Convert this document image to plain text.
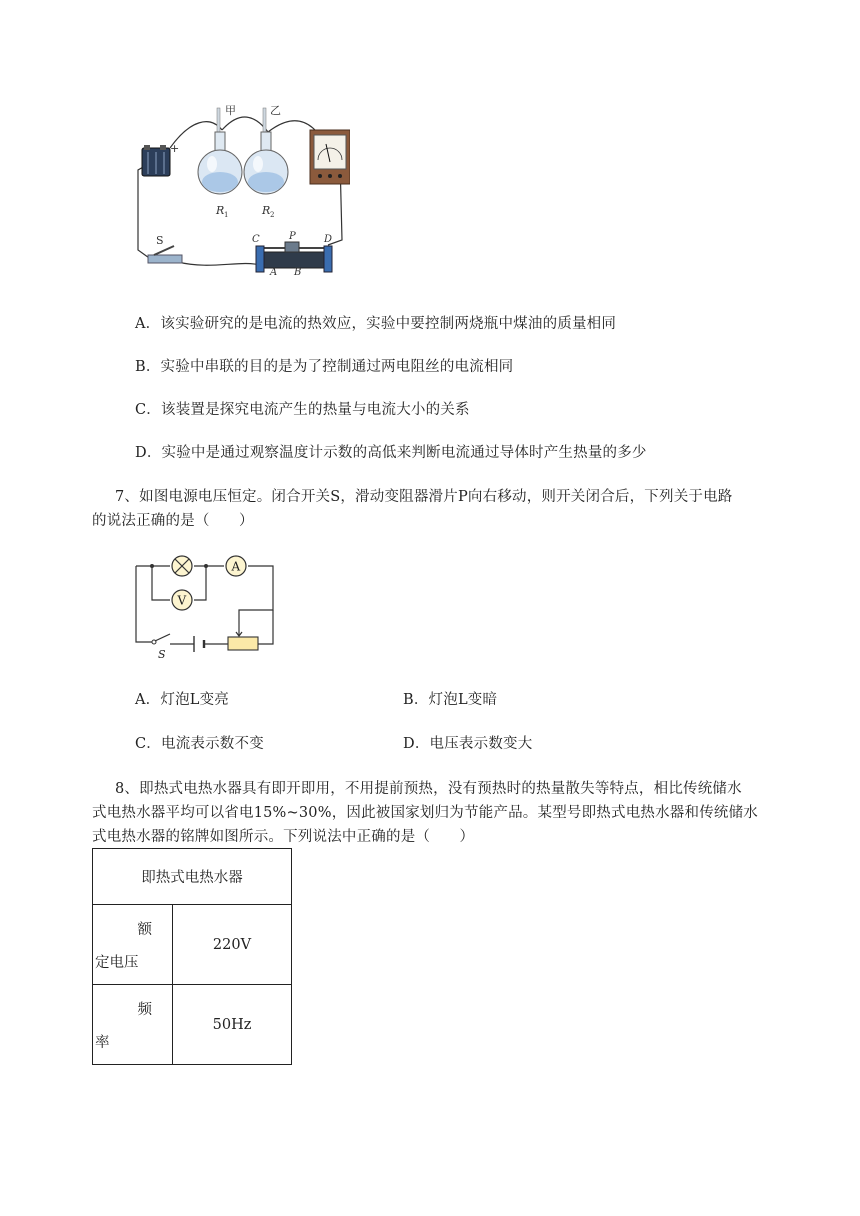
+
甲	乙
R 1	R 2
S	C	P	D
A B
A．该实验研究的是电流的热效应，实验中要控制两烧瓶中煤油的质量相同
B．实验中串联的目的是为了控制通过两电阻丝的电流相同
C．该装置是探究电流产生的热量与电流大小的关系
D．实验中是通过观察温度计示数的高低来判断电流通过导体时产生热量的多少
7、如图电源电压恒定。闭合开关S，滑动变阻器滑片P向右移动，则开关闭合后，下列关于电路
的说法正确的是（　　）
A
V
S
A．灯泡L变亮	B．灯泡L变暗
C．电流表示数不变	D．电压表示数变大
8、即热式电热水器具有即开即用，不用提前预热，没有预热时的热量散失等特点，相比传统储水
式电热水器平均可以省电15%~30%，因此被国家划归为节能产品。某型号即热式电热水器和传统储水
式电热水器的铭牌如图所示。下列说法中正确的是（　　）
即热式电热水器	

额
定电压	220V

频
率	50Hz
